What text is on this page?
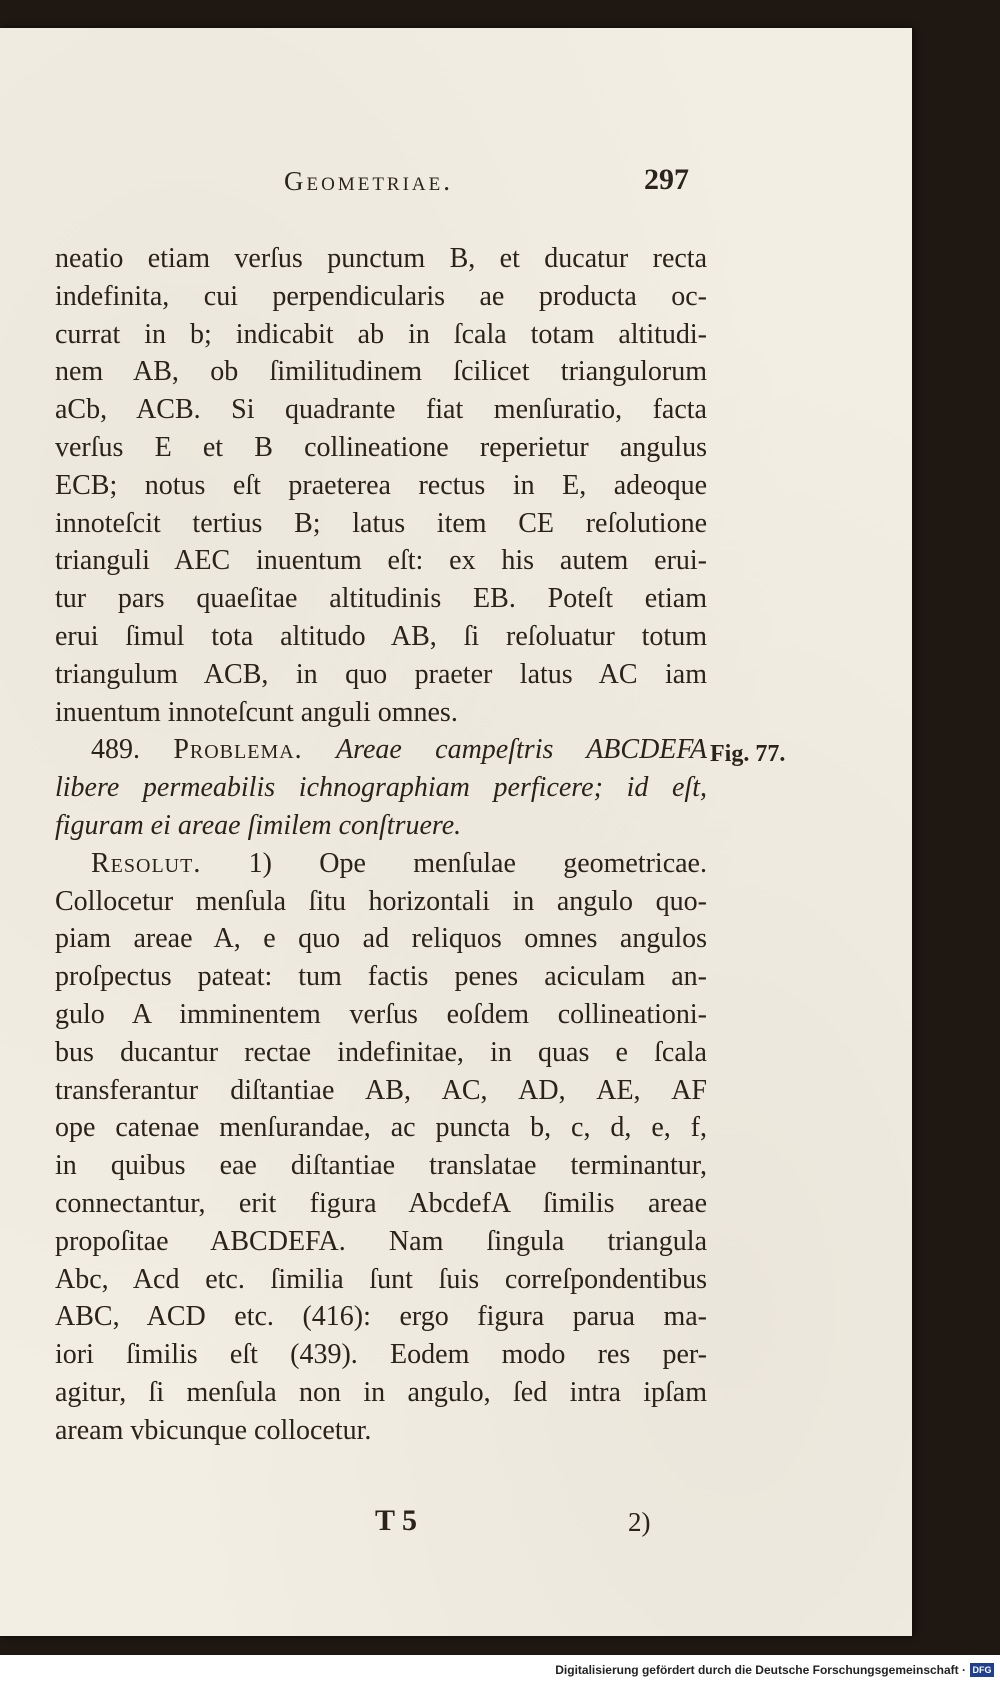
Geometriae.	297
neatio etiam verſus punctum B, et ducatur recta
indefinita, cui perpendicularis ae producta oc-
currat in b; indicabit ab in ſcala totam altitudi-
nem AB, ob ſimilitudinem ſcilicet triangulorum
aCb, ACB. Si quadrante fiat menſuratio, facta
verſus E et B collineatione reperietur angulus
ECB; notus eſt praeterea rectus in E, adeoque
innoteſcit tertius B; latus item CE reſolutione
trianguli AEC inuentum eſt: ex his autem erui-
tur pars quaeſitae altitudinis EB. Poteſt etiam
erui ſimul tota altitudo AB, ſi reſoluatur totum
triangulum ACB, in quo praeter latus AC iam
inuentum innoteſcunt anguli omnes.
489. Problema. Areae campeſtris ABCDEFA
libere permeabilis ichnographiam perficere; id eſt,
figuram ei areae ſimilem conſtruere.
Resolut. 1) Ope menſulae geometricae.
Collocetur menſula ſitu horizontali in angulo quo-
piam areae A, e quo ad reliquos omnes angulos
proſpectus pateat: tum factis penes aciculam an-
gulo A imminentem verſus eoſdem collineationi-
bus ducantur rectae indefinitae, in quas e ſcala
transferantur diſtantiae AB, AC, AD, AE, AF
ope catenae menſurandae, ac puncta b, c, d, e, f,
in quibus eae diſtantiae translatae terminantur,
connectantur, erit figura AbcdefA ſimilis areae
propoſitae ABCDEFA. Nam ſingula triangula
Abc, Acd etc. ſimilia ſunt ſuis correſpondentibus
ABC, ACD etc. (416): ergo figura parua ma-
iori ſimilis eſt (439). Eodem modo res per-
agitur, ſi menſula non in angulo, ſed intra ipſam
aream vbicunque collocetur.
Fig. 77.
T 5	2)
Digitalisierung gefördert durch die Deutsche Forschungsgemeinschaft · DFG
